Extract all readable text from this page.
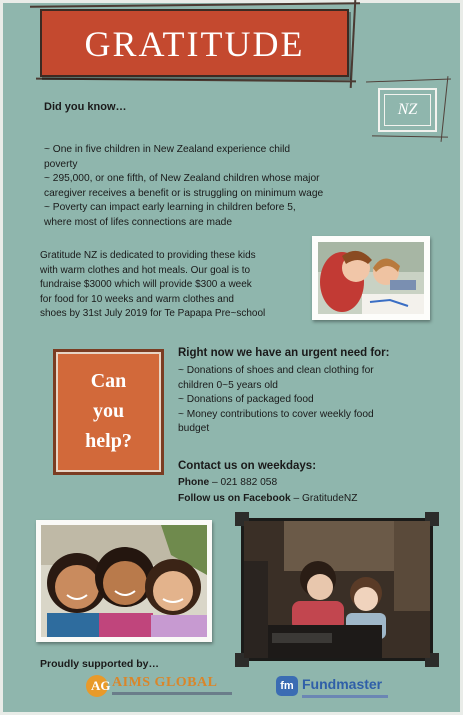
GRATITUDE
NZ
Did you know…
~ One in five children in New Zealand experience child
poverty
~ 295,000, or one fifth, of New Zealand children whose major
caregiver receives a benefit or is struggling on minimum wage
~ Poverty can impact early learning in children before 5,
where most of lifes connections are made
Gratitude NZ is dedicated to providing these kids
with warm clothes and hot meals. Our goal is to
fundraise $3000 which will provide $300 a week
for food for 10 weeks and warm clothes and
shoes by 31st July 2019 for Te Papapa Pre~school
Can
you
help?
Right now we have an urgent need for:
~ Donations of shoes and clean clothing for
children 0~5 years old
~ Donations of packaged food
~ Money contributions to cover weekly food
budget
Contact us on weekdays:
Phone – 021 882 058
Follow us on Facebook – GratitudeNZ
Proudly supported by…
AG AIMS GLOBAL	fm Fundmaster
